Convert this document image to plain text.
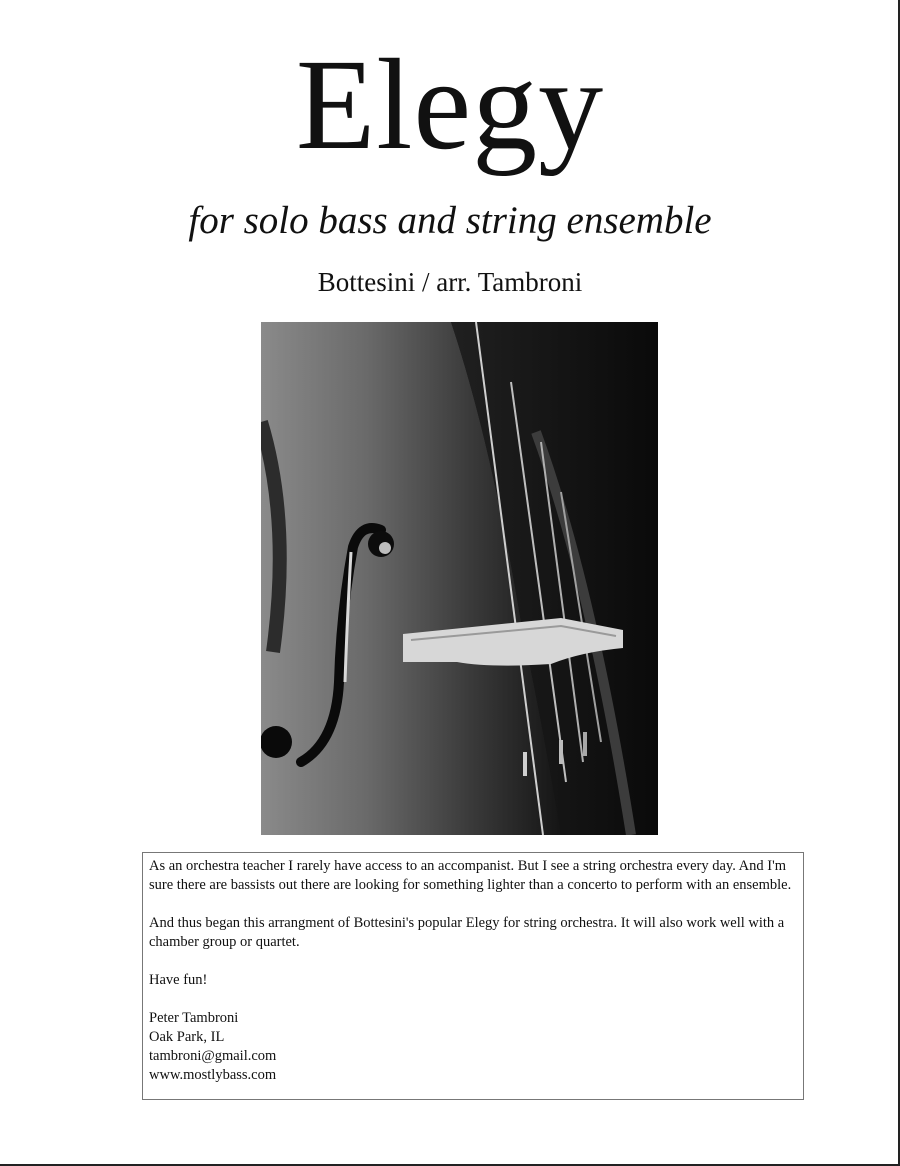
Elegy
for solo bass and string ensemble
Bottesini / arr. Tambroni

As an orchestra teacher I rarely have access to an accompanist. But I see a string orchestra every day. And I'm sure there are bassists out there are looking for something lighter than a concerto to perform with an ensemble.

And thus began this arrangment of Bottesini's popular Elegy for string orchestra. It will also work well with a chamber group or quartet.

Have fun!

Peter Tambroni
Oak Park, IL
tambroni@gmail.com
www.mostlybass.com
